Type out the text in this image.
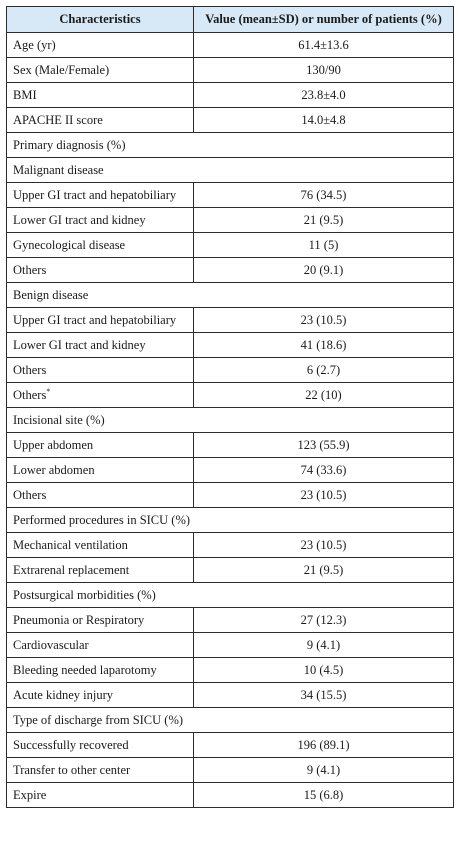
Characteristics	Value (mean±SD) or number of patients (%)
Age (yr)	61.4±13.6
Sex (Male/Female)	130/90
BMI	23.8±4.0
APACHE II score	14.0±4.8
Primary diagnosis (%)	
Malignant disease	
Upper GI tract and hepatobiliary	76 (34.5)
Lower GI tract and kidney	21 (9.5)
Gynecological disease	11 (5)
Others	20 (9.1)
Benign disease	
Upper GI tract and hepatobiliary	23 (10.5)
Lower GI tract and kidney	41 (18.6)
Others	6 (2.7)
Others*	22 (10)
Incisional site (%)	
Upper abdomen	123 (55.9)
Lower abdomen	74 (33.6)
Others	23 (10.5)
Performed procedures in SICU (%)	
Mechanical ventilation	23 (10.5)
Extrarenal replacement	21 (9.5)
Postsurgical morbidities (%)	
Pneumonia or Respiratory	27 (12.3)
Cardiovascular	9 (4.1)
Bleeding needed laparotomy	10 (4.5)
Acute kidney injury	34 (15.5)
Type of discharge from SICU (%)	
Successfully recovered	196 (89.1)
Transfer to other center	9 (4.1)
Expire	15 (6.8)
